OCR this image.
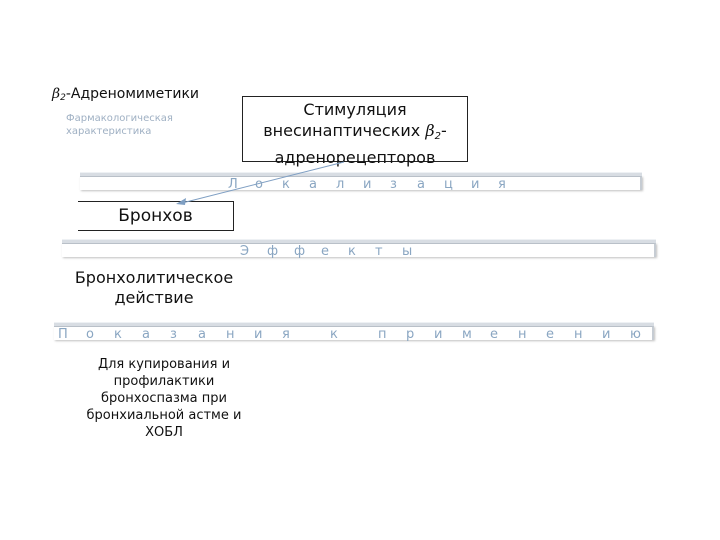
$\beta_2$-Адреномиметики
Фармакологическая характеристика
Стимуляция
внесинаптических $\beta_2-$
адренорецепторов
Бронхов
Бронхолитическое действие
Для купирования и профилактики бронхоспазма при бронхиальной астме и ХОБЛ
Л о к а л и з а ц и я
Э ф ф е к т ы
П о к а з а н и я	к	п р и м е н е н и ю
